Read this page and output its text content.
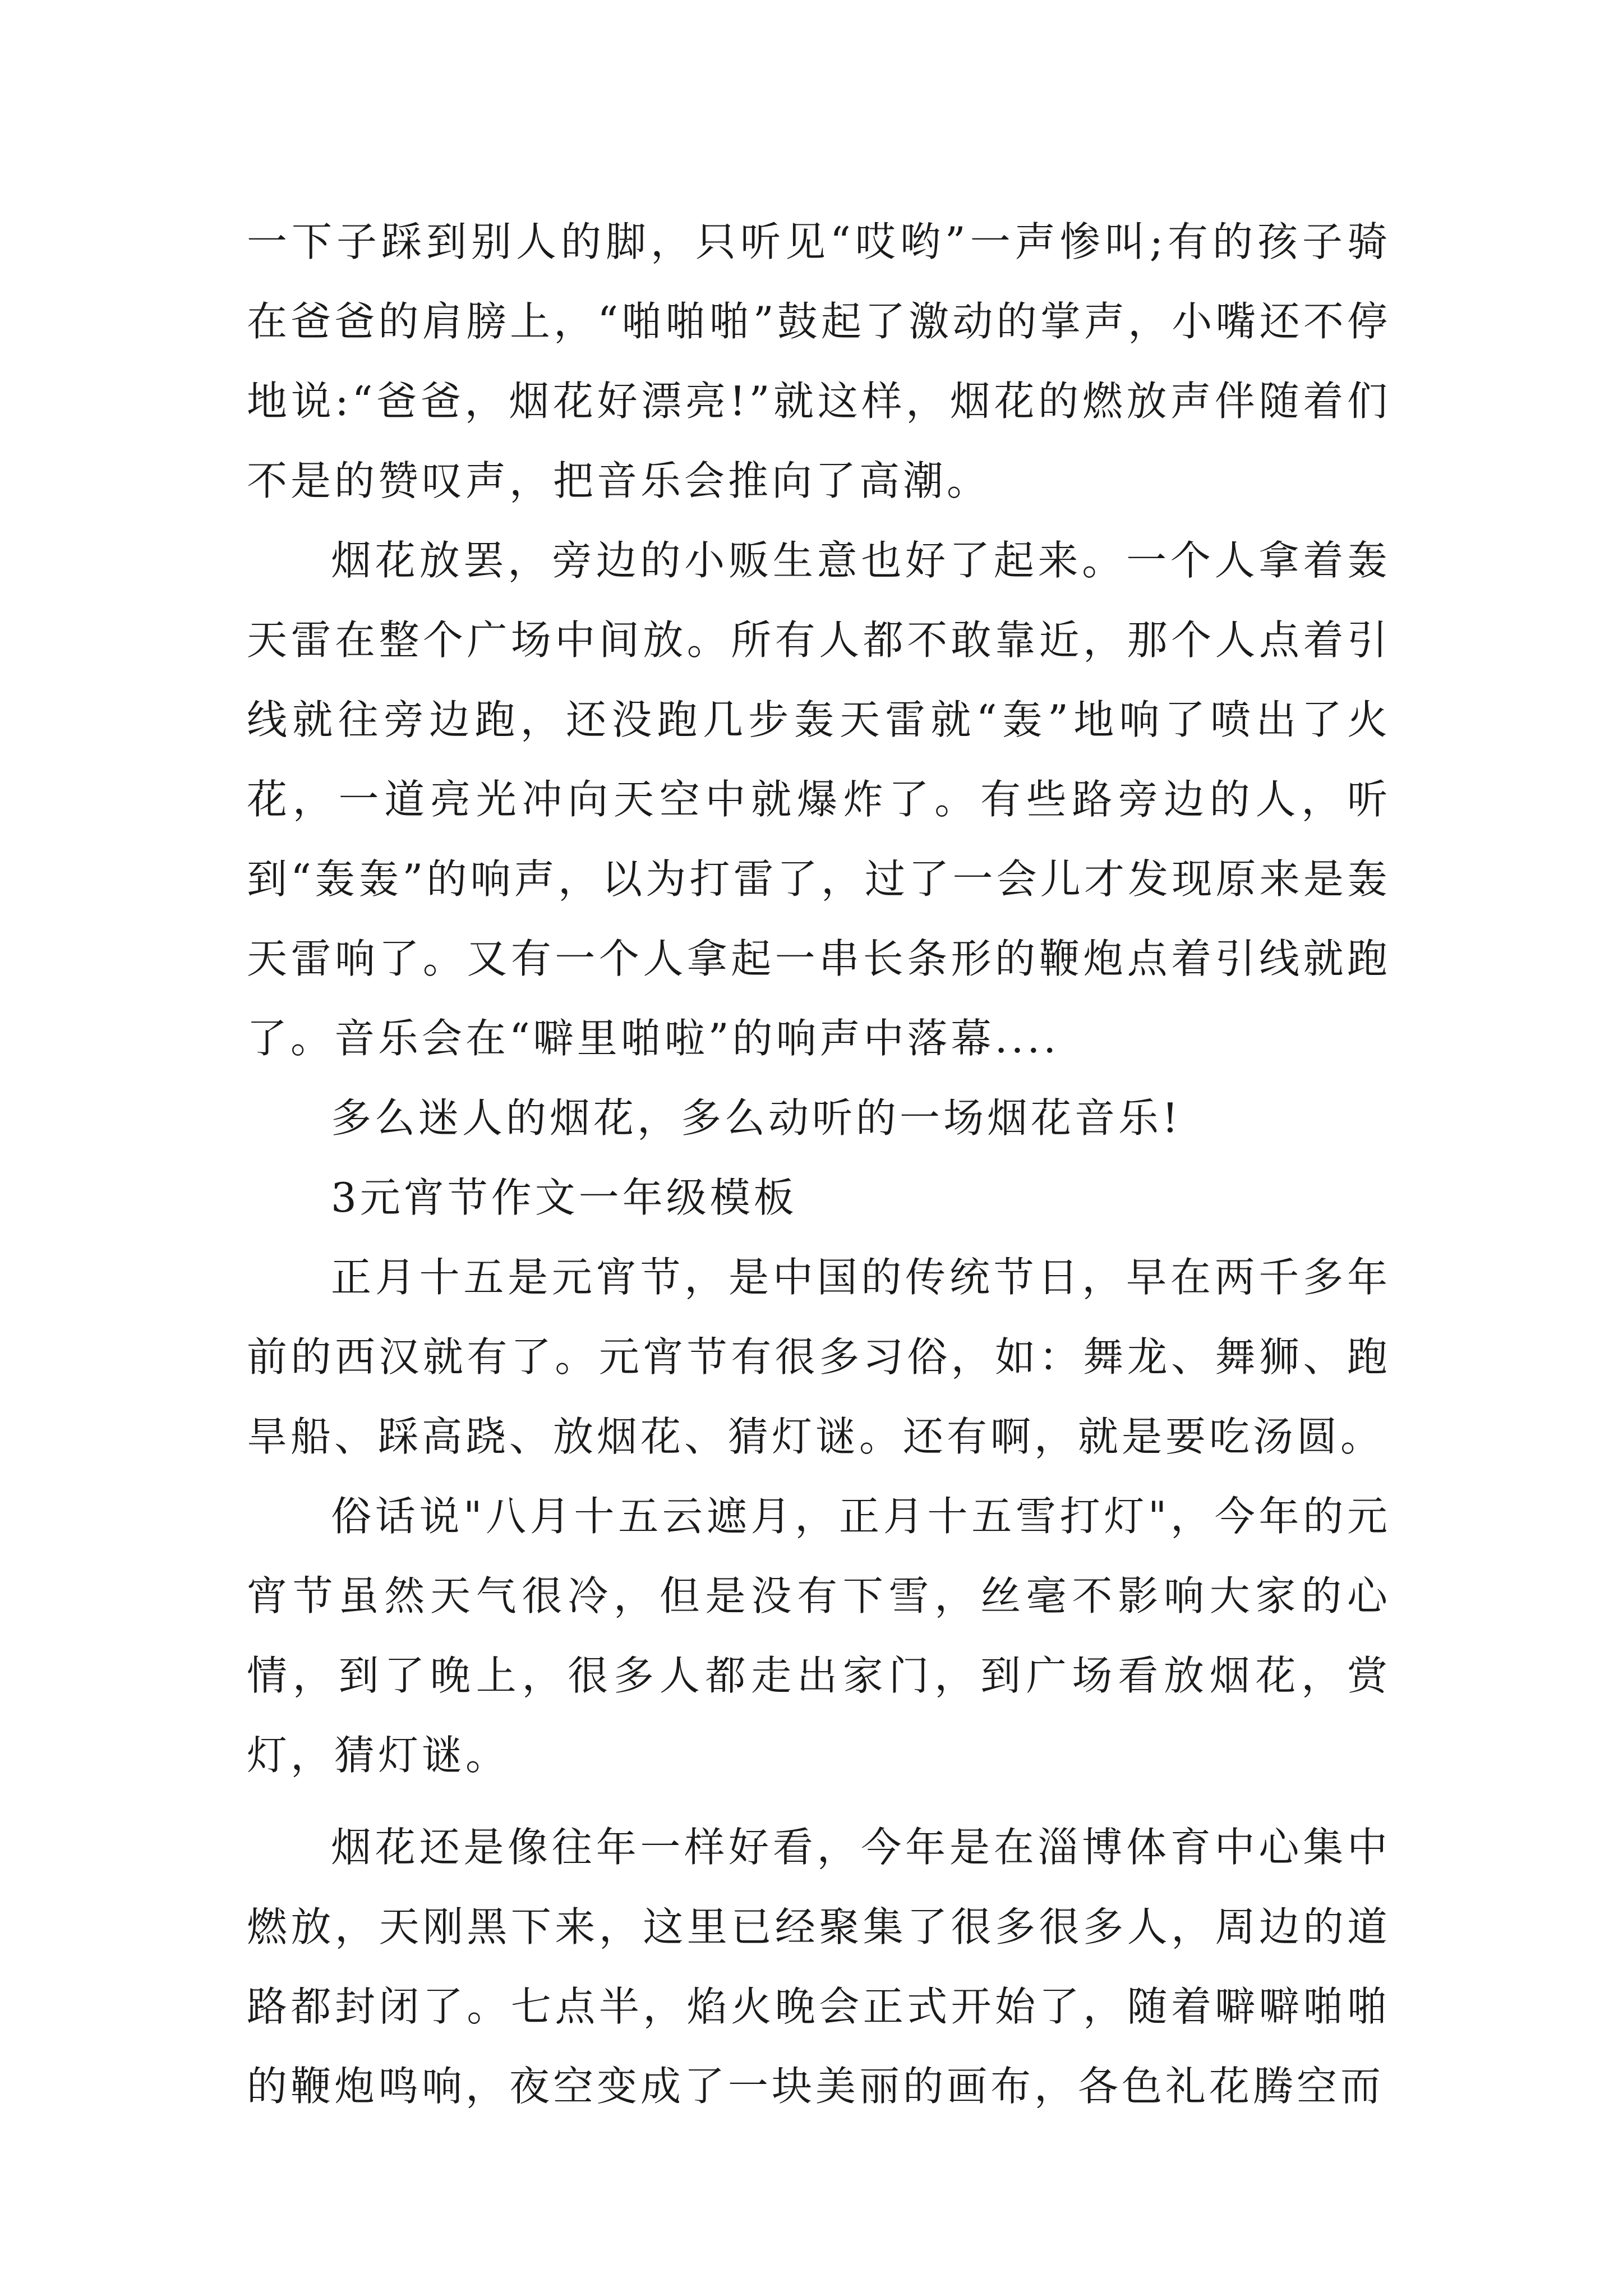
一下子踩到别人的脚，只听见“哎哟”一声惨叫;有的孩子骑在爸爸的肩膀上，“啪啪啪”鼓起了激动的掌声，小嘴还不停地说:“爸爸，烟花好漂亮!”就这样，烟花的燃放声伴随着们不是的赞叹声，把音乐会推向了高潮。

烟花放罢，旁边的小贩生意也好了起来。一个人拿着轰天雷在整个广场中间放。所有人都不敢靠近，那个人点着引线就往旁边跑，还没跑几步轰天雷就“轰”地响了喷出了火花，一道亮光冲向天空中就爆炸了。有些路旁边的人，听到“轰轰”的响声，以为打雷了，过了一会儿才发现原来是轰天雷响了。又有一个人拿起一串长条形的鞭炮点着引线就跑了。音乐会在“噼里啪啦”的响声中落幕....

多么迷人的烟花，多么动听的一场烟花音乐!

3元宵节作文一年级模板

正月十五是元宵节，是中国的传统节日，早在两千多年前的西汉就有了。元宵节有很多习俗，如：舞龙、舞狮、跑旱船、踩高跷、放烟花、猜灯谜。还有啊，就是要吃汤圆。

俗话说"八月十五云遮月，正月十五雪打灯"，今年的元宵节虽然天气很冷，但是没有下雪，丝毫不影响大家的心情，到了晚上，很多人都走出家门，到广场看放烟花，赏灯，猜灯谜。

烟花还是像往年一样好看，今年是在淄博体育中心集中燃放，天刚黑下来，这里已经聚集了很多很多人，周边的道路都封闭了。七点半，焰火晚会正式开始了，随着噼噼啪啪的鞭炮鸣响，夜空变成了一块美丽的画布，各色礼花腾空而
